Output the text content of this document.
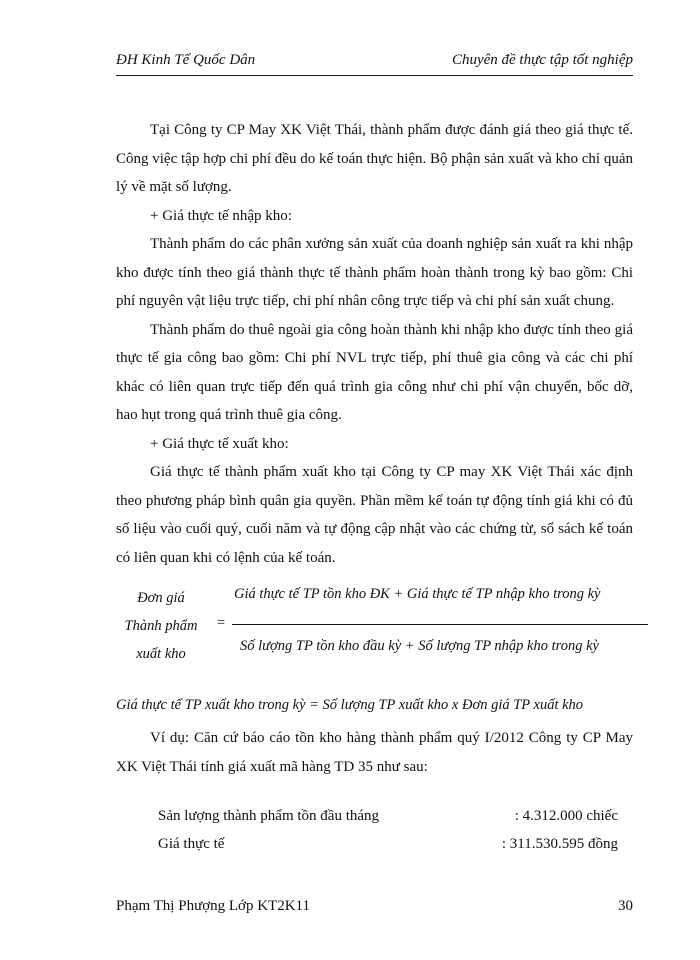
ĐH Kinh Tế Quốc Dân	Chuyên đề thực tập tốt nghiệp

Tại Công ty CP May XK Việt Thái, thành phẩm được đánh giá theo giá thực tế. Công việc tập hợp chi phí đều do kế toán thực hiện. Bộ phận sản xuất và kho chỉ quản lý về mặt số lượng.

+ Giá thực tế nhập kho:

Thành phẩm do các phân xưởng sản xuất của doanh nghiệp sản xuất ra khi nhập kho được tính theo giá thành thực tế thành phẩm hoàn thành trong kỳ bao gồm: Chi phí nguyên vật liệu trực tiếp, chi phí nhân công trực tiếp và chi phí sản xuất chung.

Thành phẩm do thuê ngoài gia công hoàn thành khi nhập kho được tính theo giá thực tế gia công bao gồm: Chi phí NVL trực tiếp, phí thuê gia công và các chi phí khác có liên quan trực tiếp đến quá trình gia công như chi phí vận chuyển, bốc dỡ, hao hụt trong quá trình thuê gia công.

+ Giá thực tế xuất kho:

Giá thực tế thành phẩm xuất kho tại Công ty CP may XK Việt Thái xác định theo phương pháp bình quân gia quyền. Phần mềm kế toán tự động tính giá khi có đủ số liệu vào cuối quý, cuối năm và tự động cập nhật vào các chứng từ, sổ sách kế toán có liên quan khi có lệnh của kế toán.

Đơn giá
Thành phẩm
xuất kho
=
Giá thực tế TP tồn kho ĐK + Giá thực tế TP nhập kho trong kỳ
Số lượng TP tồn kho đầu kỳ + Số lượng TP nhập kho trong kỳ
Giá thực tế TP xuất kho trong kỳ = Số lượng TP xuất kho x Đơn giá TP xuất kho

Ví dụ: Căn cứ báo cáo tồn kho hàng thành phẩm quý I/2012 Công ty CP May XK Việt Thái tính giá xuất mã hàng TD 35 như sau:

Sản lượng thành phẩm tồn đầu tháng	: 4.312.000 chiếc
Giá thực tế	: 311.530.595 đồng
Phạm Thị Phượng Lớp KT2K11	30
